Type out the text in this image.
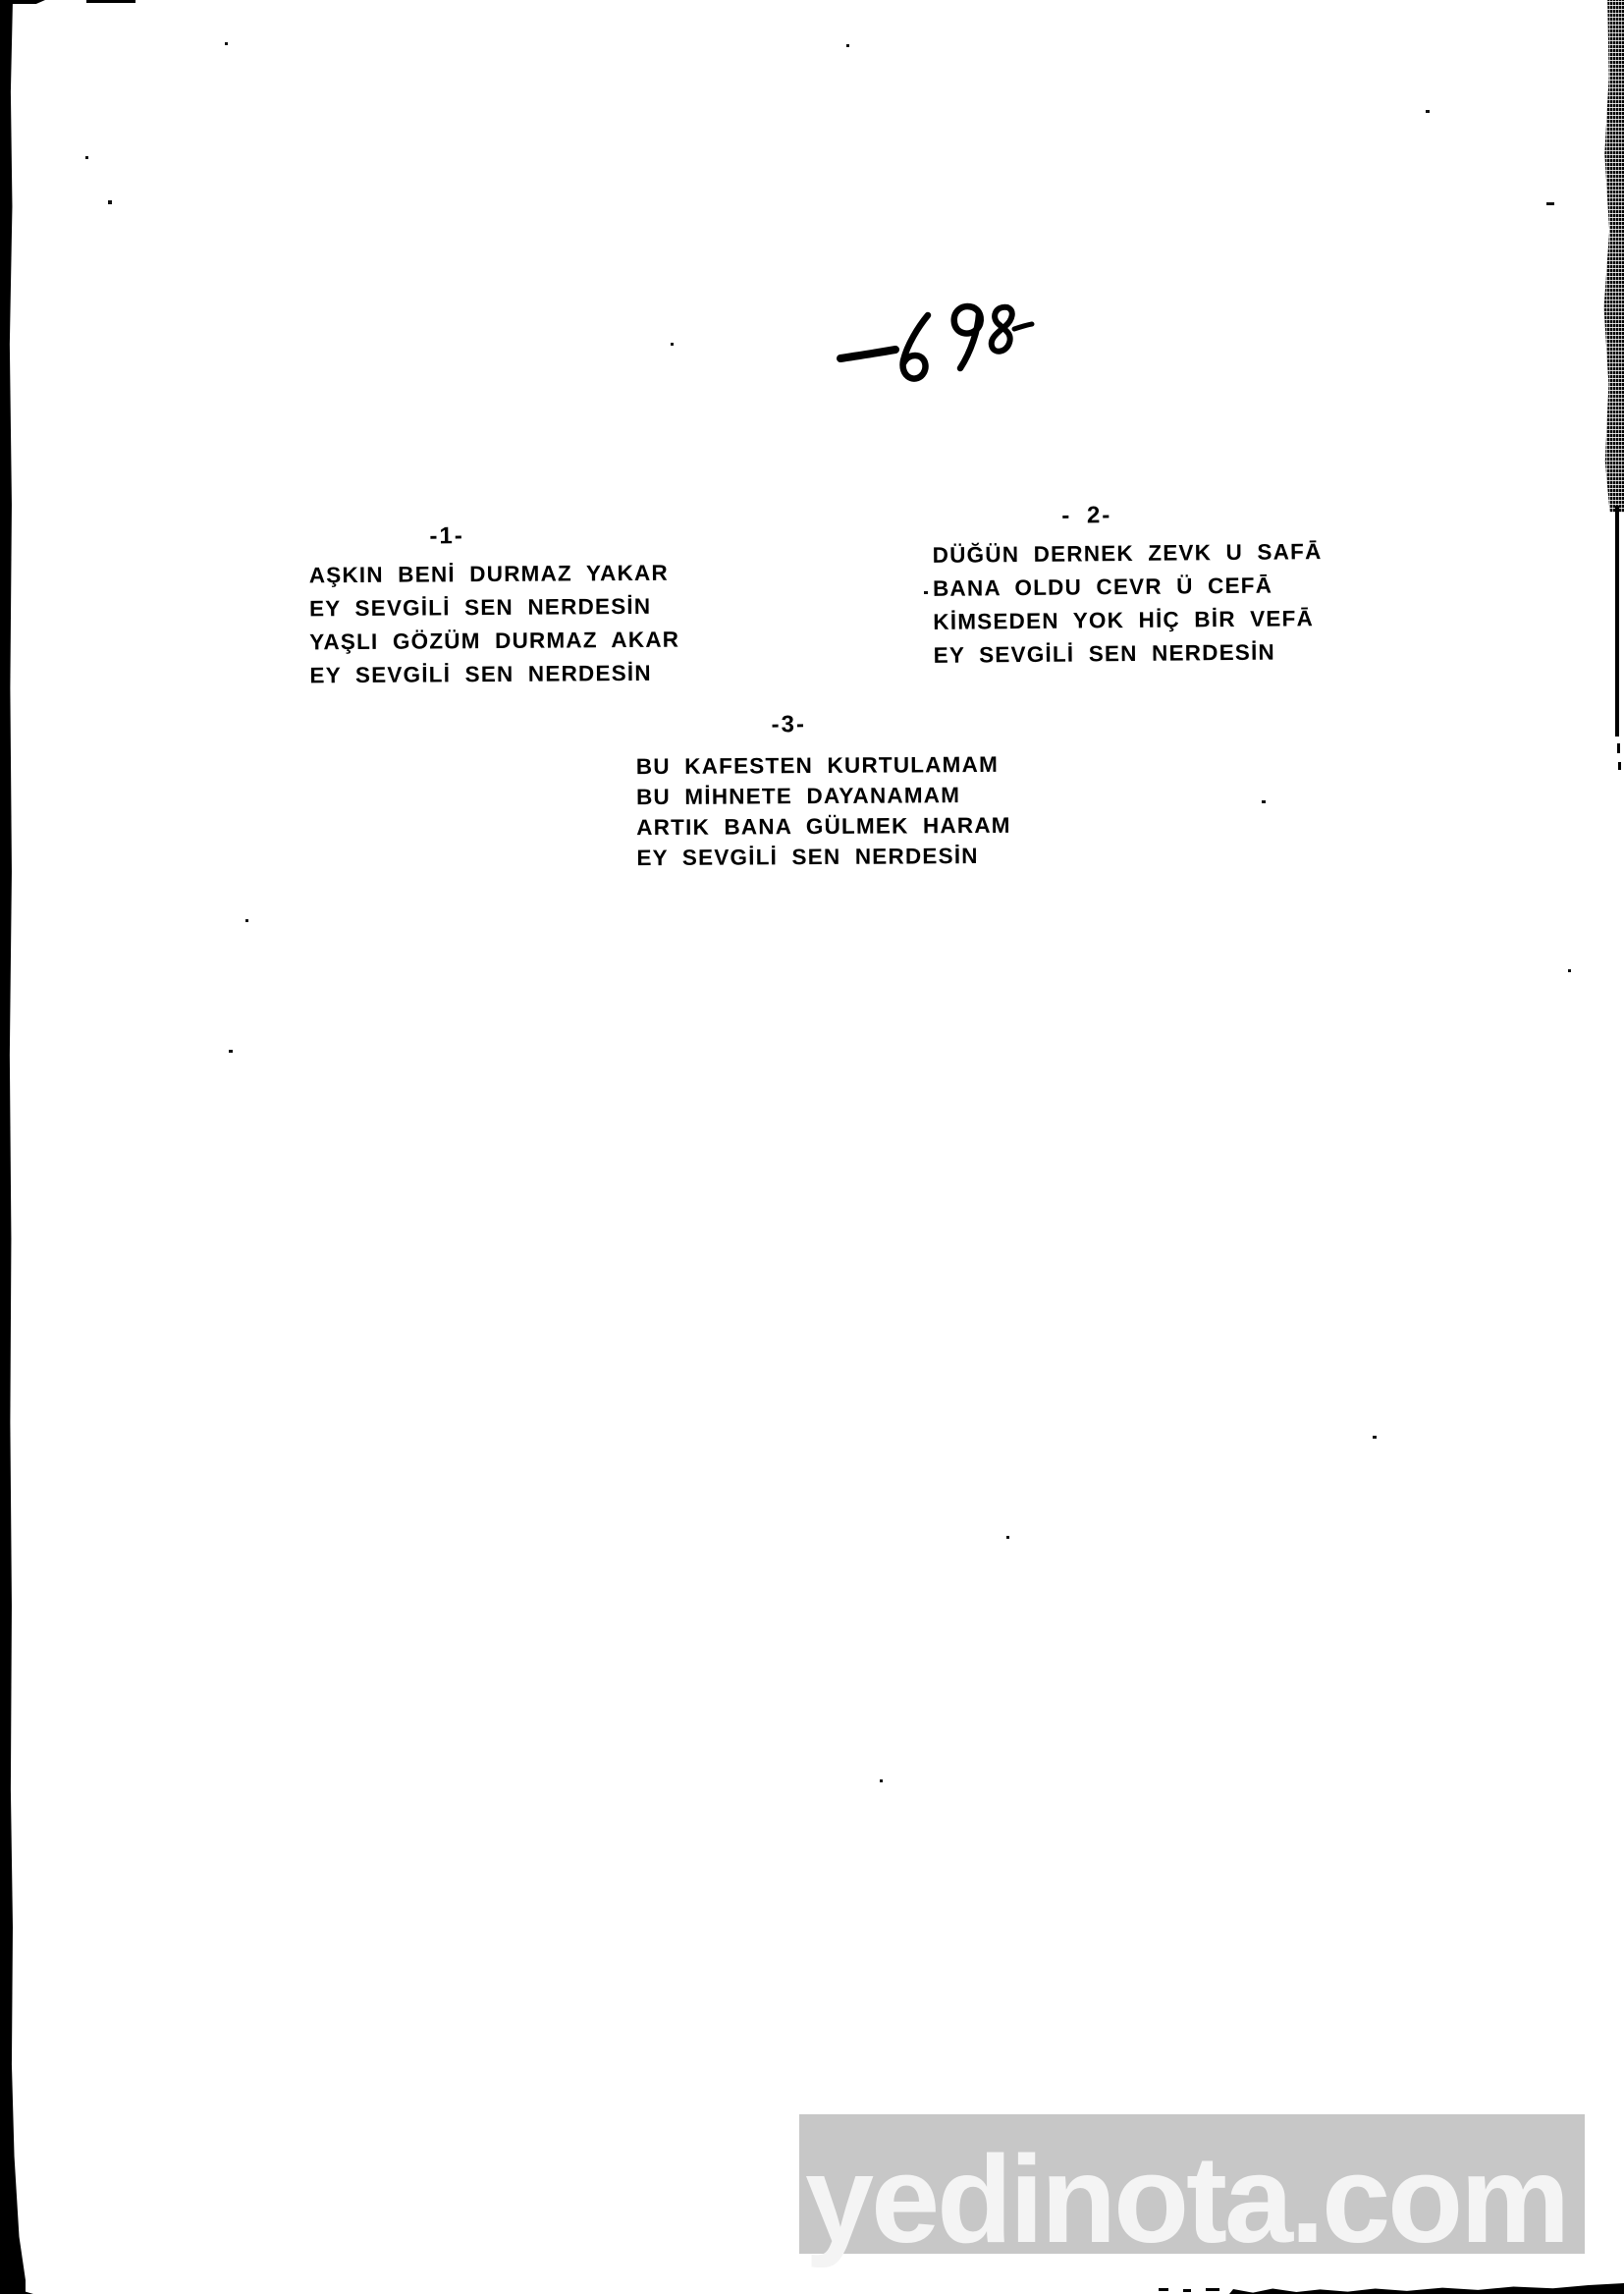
-1-
AŞKIN BENİ DURMAZ YAKAR
EY SEVGİLİ SEN NERDESİN
YAŞLI GÖZÜM DURMAZ AKAR
EY SEVGİLİ SEN NERDESİN
- 2-
DÜĞÜN DERNEK ZEVK U SAFĀ
BANA OLDU CEVR Ü CEFĀ
KİMSEDEN YOK HİÇ BİR VEFĀ
EY SEVGİLİ SEN NERDESİN
-3-
BU KAFESTEN KURTULAMAM
BU MİHNETE DAYANAMAM
ARTIK BANA GÜLMEK HARAM
EY SEVGİLİ SEN NERDESİN
yedinota.com
